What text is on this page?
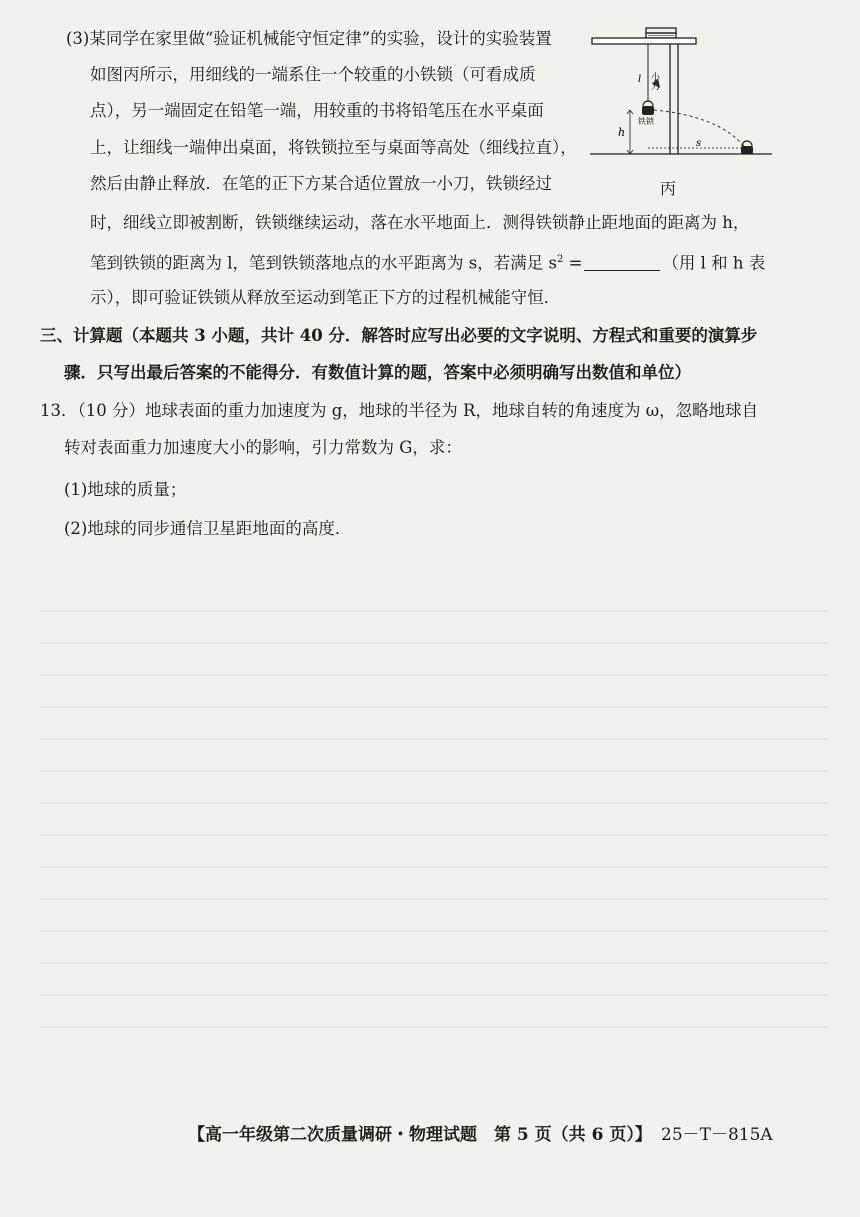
(3)某同学在家里做“验证机械能守恒定律”的实验，设计的实验装置
如图丙所示，用细线的一端系住一个较重的小铁锁（可看成质
点），另一端固定在铅笔一端，用较重的书将铅笔压在水平桌面
上，让细线一端伸出桌面，将铁锁拉至与桌面等高处（细线拉直），
然后由静止释放．在笔的正下方某合适位置放一小刀，铁锁经过
时，细线立即被割断，铁锁继续运动，落在水平地面上．测得铁锁静止距地面的距离为 h，
笔到铁锁的距离为 l，笔到铁锁落地点的水平距离为 s，若满足 $s^2$ =	（用 l 和 h 表
示），即可验证铁锁从释放至运动到笔正下方的过程机械能守恒．
l 小刀
铁锁
h
s
丙
三、计算题（本题共 3 小题，共计 40 分．解答时应写出必要的文字说明、方程式和重要的演算步
骤．只写出最后答案的不能得分．有数值计算的题，答案中必须明确写出数值和单位）
13．（10 分）地球表面的重力加速度为 g，地球的半径为 R，地球自转的角速度为 ω，忽略地球自
转对表面重力加速度大小的影响，引力常数为 G，求：
(1)地球的质量；
(2)地球的同步通信卫星距地面的高度．
【高一年级第二次质量调研・物理试题　第 5 页（共 6 页）】 25－T－815A
